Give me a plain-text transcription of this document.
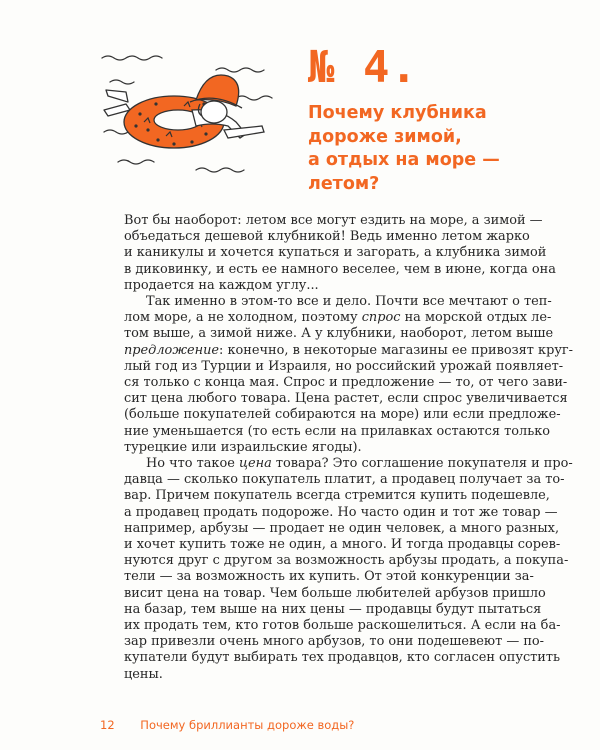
№ 4.
Почему клубника
дороже зимой,
а отдых на море —
летом?
Вот бы наоборот: летом все могут ездить на море, а зимой —
объедаться дешевой клубникой! Ведь именно летом жарко
и каникулы и хочется купаться и загорать, а клубника зимой
в диковинку, и есть ее намного веселее, чем в июне, когда она
продается на каждом углу...
Так именно в этом-то все и дело. Почти все мечтают о теп-
лом море, а не холодном, поэтому спрос на морской отдых ле-
том выше, а зимой ниже. А у клубники, наоборот, летом выше
предложение: конечно, в некоторые магазины ее привозят круг-
лый год из Турции и Израиля, но российский урожай появляет-
ся только с конца мая. Спрос и предложение — то, от чего зави-
сит цена любого товара. Цена растет, если спрос увеличивается
(больше покупателей собираются на море) или если предложе-
ние уменьшается (то есть если на прилавках остаются только
турецкие или израильские ягоды).
Но что такое цена товара? Это соглашение покупателя и про-
давца — сколько покупатель платит, а продавец получает за то-
вар. Причем покупатель всегда стремится купить подешевле,
а продавец продать подороже. Но часто один и тот же товар —
например, арбузы — продает не один человек, а много разных,
и хочет купить тоже не один, а много. И тогда продавцы сорев-
нуются друг с другом за возможность арбузы продать, а покупа-
тели — за возможность их купить. От этой конкуренции за-
висит цена на товар. Чем больше любителей арбузов пришло
на базар, тем выше на них цены — продавцы будут пытаться
их продать тем, кто готов больше раскошелиться. А если на ба-
зар привезли очень много арбузов, то они подешевеют — по-
купатели будут выбирать тех продавцов, кто согласен опустить
цены.
12 Почему бриллианты дороже воды?
